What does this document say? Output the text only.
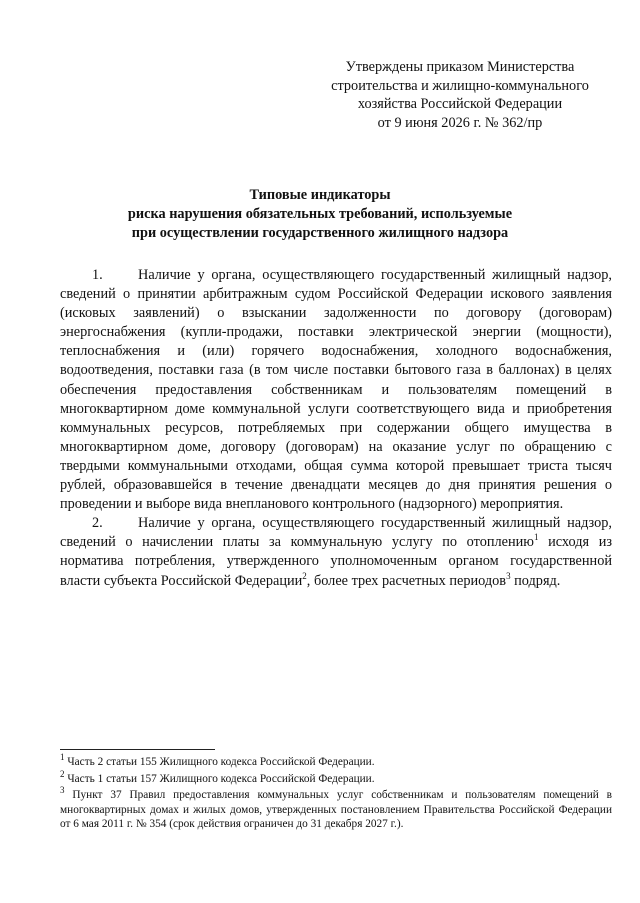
Утверждены приказом Министерства
строительства и жилищно-коммунального
хозяйства Российской Федерации
от 9 июня 2026 г. № 362/пр
Типовые индикаторы
риска нарушения обязательных требований, используемые
при осуществлении государственного жилищного надзора

1. Наличие у органа, осуществляющего государственный жилищный надзор, сведений о принятии арбитражным судом Российской Федерации искового заявления (исковых заявлений) о взыскании задолженности по договору (договорам) энергоснабжения (купли-продажи, поставки электрической энергии (мощности), теплоснабжения и (или) горячего водоснабжения, холодного водоснабжения, водоотведения, поставки газа (в том числе поставки бытового газа в баллонах) в целях обеспечения предоставления собственникам и пользователям помещений в многоквартирном доме коммунальной услуги соответствующего вида и приобретения коммунальных ресурсов, потребляемых при содержании общего имущества в многоквартирном доме, договору (договорам) на оказание услуг по обращению с твердыми коммунальными отходами, общая сумма которой превышает триста тысяч рублей, образовавшейся в течение двенадцати месяцев до дня принятия решения о проведении и выборе вида внепланового контрольного (надзорного) мероприятия.

2. Наличие у органа, осуществляющего государственный жилищный надзор, сведений о начислении платы за коммунальную услугу по отоплению$^1$ исходя из норматива потребления, утвержденного уполномоченным органом государственной власти субъекта Российской Федерации$^2$, более трех расчетных периодов$^3$ подряд.

$^1$ Часть 2 статьи 155 Жилищного кодекса Российской Федерации.

$^2$ Часть 1 статьи 157 Жилищного кодекса Российской Федерации.

$^3$ Пункт 37 Правил предоставления коммунальных услуг собственникам и пользователям помещений в многоквартирных домах и жилых домов, утвержденных постановлением Правительства Российской Федерации от 6 мая 2011 г. № 354 (срок действия ограничен до 31 декабря 2027 г.).
